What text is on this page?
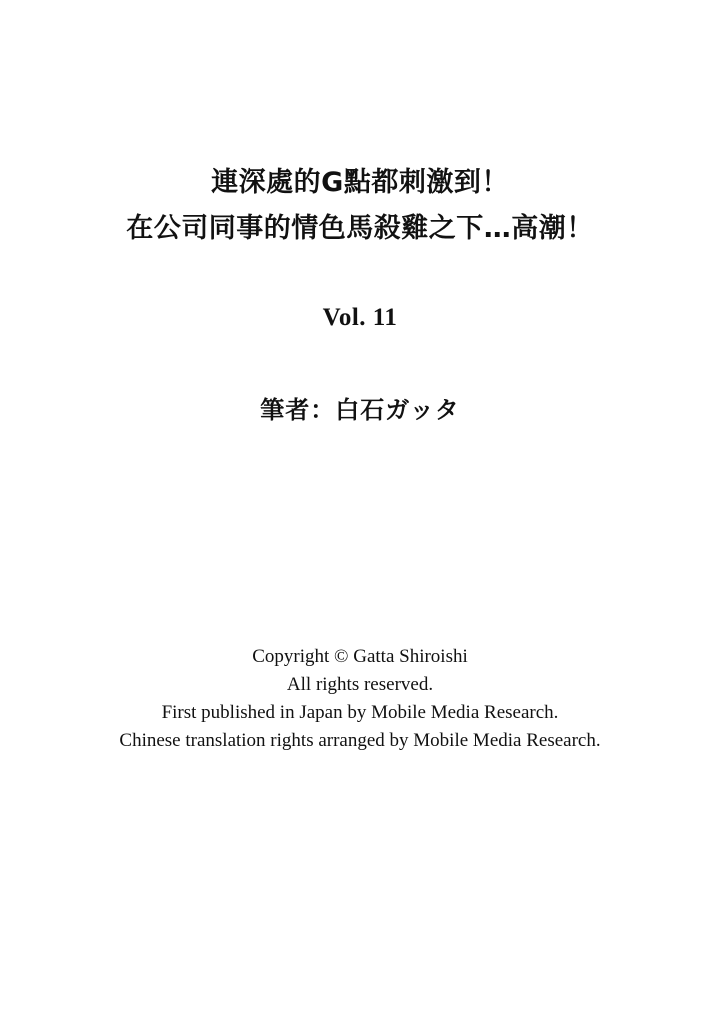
連深處的G點都刺激到！
在公司同事的情色馬殺雞之下…高潮！
Vol. 11
筆者：白石ガッタ
Copyright © Gatta Shiroishi
All rights reserved.
First published in Japan by Mobile Media Research.
Chinese translation rights arranged by Mobile Media Research.
